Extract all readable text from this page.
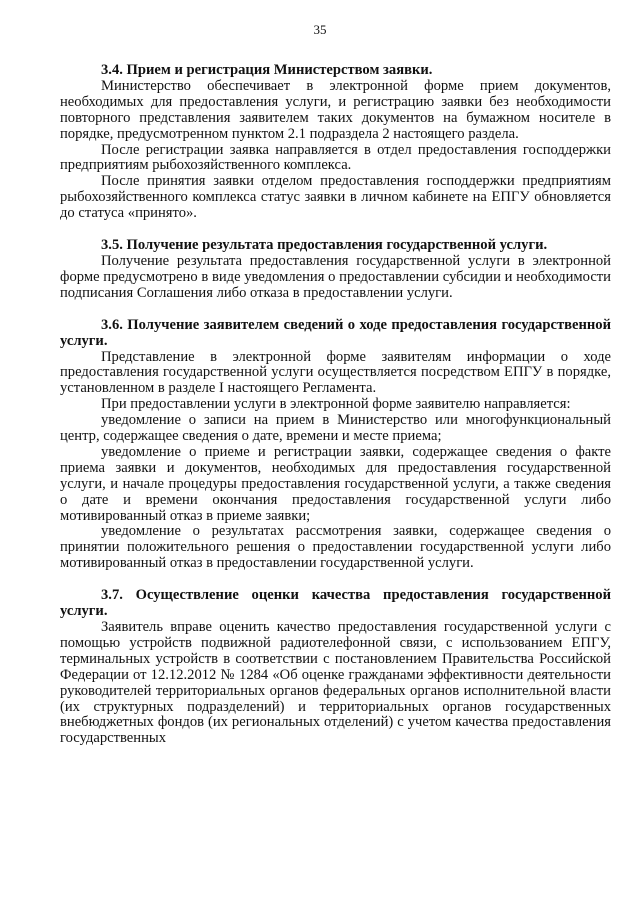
35
3.4. Прием и регистрация Министерством заявки.

Министерство обеспечивает в электронной форме прием документов, необходимых для предоставления услуги, и регистрацию заявки без необходимости повторного представления заявителем таких документов на бумажном носителе в порядке, предусмотренном пунктом 2.1 подраздела 2 настоящего раздела.

После регистрации заявка направляется в отдел предоставления господдержки предприятиям рыбохозяйственного комплекса.

После принятия заявки отделом предоставления господдержки предприятиям рыбохозяйственного комплекса статус заявки в личном кабинете на ЕПГУ обновляется до статуса «принято».

3.5. Получение результата предоставления государственной услуги.

Получение результата предоставления государственной услуги в электронной форме предусмотрено в виде уведомления о предоставлении субсидии и необходимости подписания Соглашения либо отказа в предоставлении услуги.

3.6. Получение заявителем сведений о ходе предоставления государственной услуги.

Представление в электронной форме заявителям информации о ходе предоставления государственной услуги осуществляется посредством ЕПГУ в порядке, установленном в разделе I настоящего Регламента.

При предоставлении услуги в электронной форме заявителю направляется:

уведомление о записи на прием в Министерство или многофункциональный центр, содержащее сведения о дате, времени и месте приема;

уведомление о приеме и регистрации заявки, содержащее сведения о факте приема заявки и документов, необходимых для предоставления государственной услуги, и начале процедуры предоставления государственной услуги, а также сведения о дате и времени окончания предоставления государственной услуги либо мотивированный отказ в приеме заявки;

уведомление о результатах рассмотрения заявки, содержащее сведения о принятии положительного решения о предоставлении государственной услуги либо мотивированный отказ в предоставлении государственной услуги.

3.7. Осуществление оценки качества предоставления государственной услуги.

Заявитель вправе оценить качество предоставления государственной услуги с помощью устройств подвижной радиотелефонной связи, с использованием ЕПГУ, терминальных устройств в соответствии с постановлением Правительства Российской Федерации от 12.12.2012 № 1284 «Об оценке гражданами эффективности деятельности руководителей территориальных органов федеральных органов исполнительной власти (их структурных подразделений) и территориальных органов государственных внебюджетных фондов (их региональных отделений) с учетом качества предоставления государственных
